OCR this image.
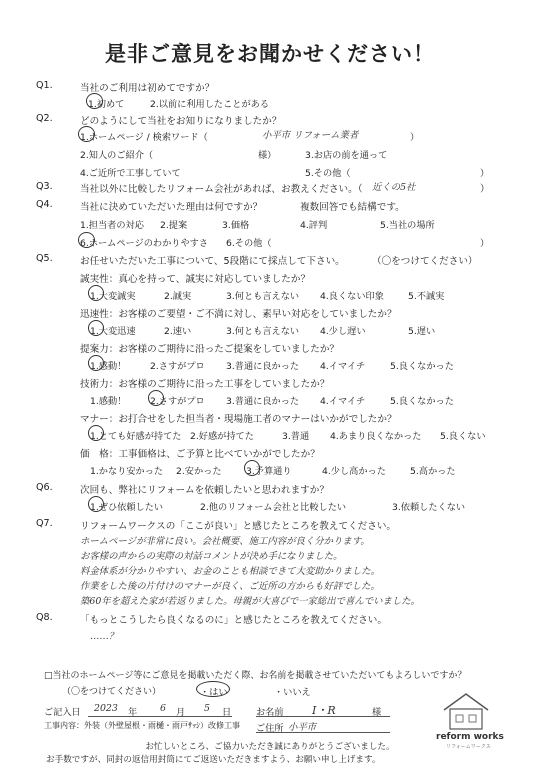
是非ご意見をお聞かせください！
Q1.	当社のご利用は初めてですか？
1.初めて	2.以前に利用したことがある
Q2.	どのようにして当社をお知りになりましたか？
1.ホームページ / 検索ワード（	小平市 リフォーム業者	）
2.知人のご紹介（	様）	3.お店の前を通って
4.ご近所で工事していて	5.その他（	）
Q3.	当社以外に比較したリフォーム会社があれば、お教えください。（ 近くの5社	）
Q4.	当社に決めていただいた理由は何ですか？	複数回答でも結構です。
1.担当者の対応 2.提案	3.価格	4.評判	5.当社の場所
6.ホームページのわかりやすさ 6.その他（	）
Q5.	お任せいただいた工事について、5段階にて採点して下さい。	（〇をつけてください）
誠実性：真心を持って、誠実に対応していましたか？
1.大変誠実	2.誠実	3.何とも言えない 4.良くない印象	5.不誠実
迅速性：お客様のご要望・ご不満に対し、素早い対応をしていましたか？
1.大変迅速	2.速い	3.何とも言えない 4.少し遅い	5.遅い
提案力：お客様のご期待に沿ったご提案をしていましたか？
1.感動！	2.さすがプロ 3.普通に良かった 4.イマイチ	5.良くなかった
技術力：お客様のご期待に沿った工事をしていましたか？
1.感動！	2.さすがプロ 3.普通に良かった 4.イマイチ	5.良くなかった
マナー：お打合せをした担当者・現場施工者のマナーはいかがでしたか？
1.とても好感が持てた 2.好感が持てた	3.普通 4.あまり良くなかった 5.良くない
価　格：工事価格は、ご予算と比べていかがでしたか？
1.かなり安かった 2.安かった	3.予算通り	4.少し高かった	5.高かった
Q6.	次回も、弊社にリフォームを依頼したいと思われますか？
1.ぜひ依頼したい	2.他のリフォーム会社と比較したい	3.依頼したくない
Q7.	リフォームワークスの「ここが良い」と感じたところを教えてください。
ホームページが非常に良い。会社概要、施工内容が良く分かります。
お客様の声からの実際の対話コメントが決め手になりました。
料金体系が分かりやすい、お金のことも相談できて大変助かりました。
作業をした後の片付けのマナーが良く、ご近所の方からも好評でした。
築60年を超えた家が若返りました。母親が大喜びで一家総出で喜んでいました。
Q8.	「もっとこうしたら良くなるのに」と感じたところを教えてください。
……？
□当社のホームページ等にご意見を掲載いただく際、お名前を掲載させていただいてもよろしいですか？
（〇をつけてください）	・はい	・いいえ
ご記入日 2023 年 6 月 5 日	お名前	I・R	様
工事内容：外装（外壁屋根・雨樋・雨戸ｻｯｼ）改修工事 ご住所 小平市
reform works
リフォームワークス
お忙しいところ、ご協力いただき誠にありがとうございました。
お手数ですが、同封の返信用封筒にてご返送いただきますよう、お願い申し上げます。
